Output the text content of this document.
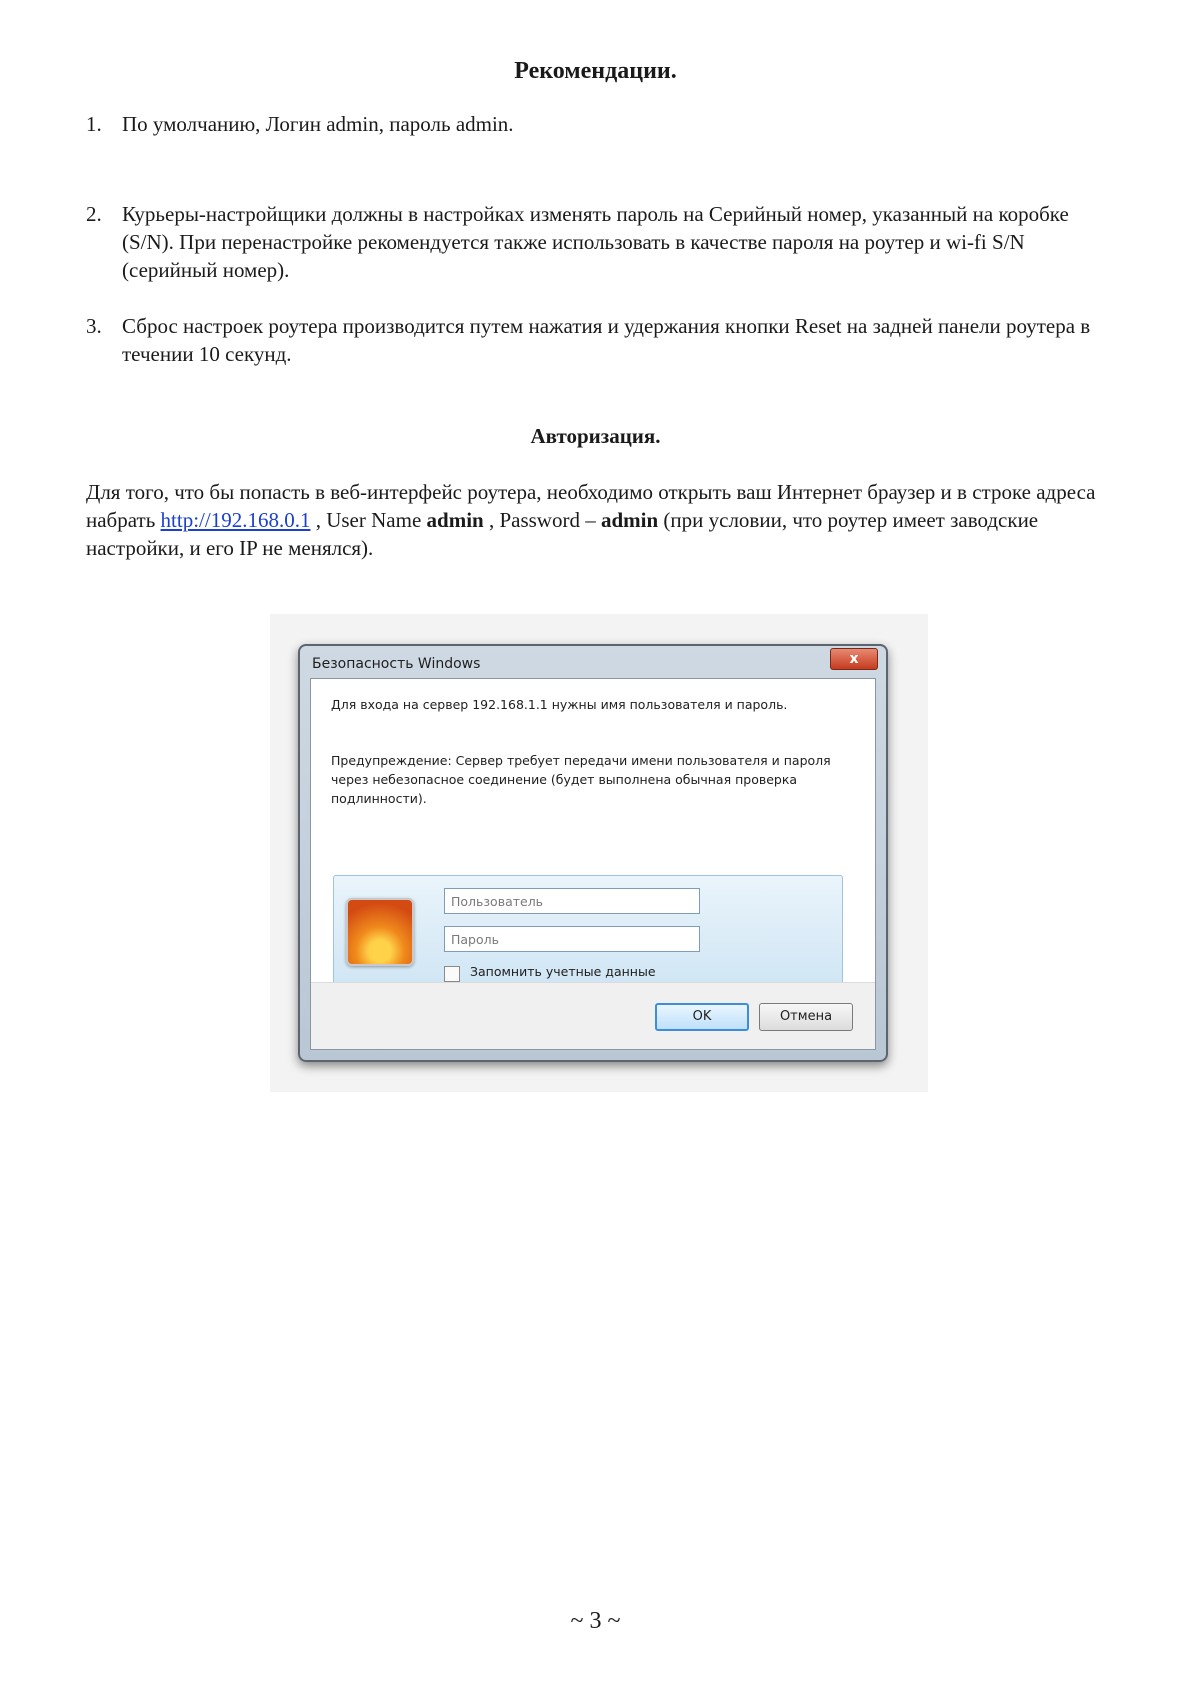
Рекомендации.
1. По умолчанию, Логин admin, пароль admin.
2. Курьеры-настройщики должны в настройках изменять пароль на Серийный номер, указанный на коробке (S/N). При перенастройке рекомендуется также использовать в качестве пароля на роутер и wi-fi S/N (серийный номер).
3. Сброс настроек роутера производится путем нажатия и удержания кнопки Reset на задней панели роутера в течении 10 секунд.
Авторизация.
Для того, что бы попасть в веб-интерфейс роутера, необходимо открыть ваш Интернет браузер и в строке адреса набрать http://192.168.0.1 , User Name admin , Password – admin (при условии, что роутер имеет заводские настройки, и его IP не менялся).
Безопасность Windows	x
Для входа на сервер 192.168.1.1 нужны имя пользователя и пароль.
Предупреждение: Сервер требует передачи имени пользователя и пароля через небезопасное соединение (будет выполнена обычная проверка подлинности).
Пользователь
Пароль
Запомнить учетные данные
OK	Отмена
~ 3 ~
